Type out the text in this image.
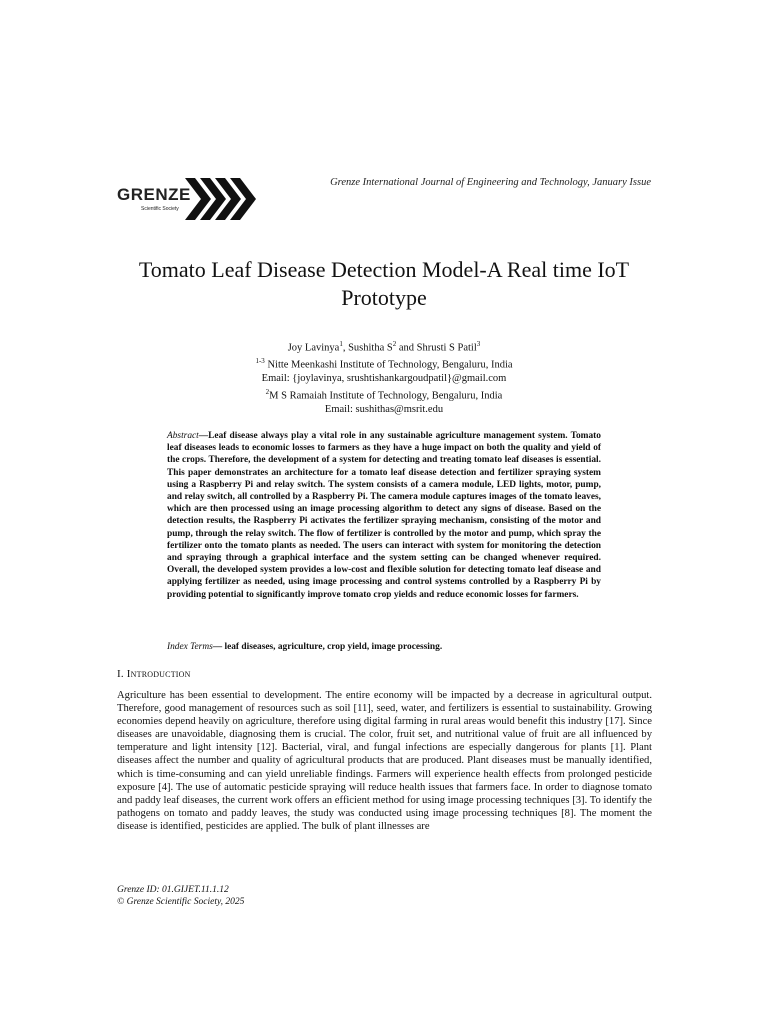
GRENZE
Scientific Society
Grenze International Journal of Engineering and Technology, January Issue
Tomato Leaf Disease Detection Model-A Real time IoT
Prototype
Joy Lavinya$^1$, Sushitha $S^2$ and Shrusti S Patil$^3$
$^{1-3}$ Nitte Meenkashi Institute of Technology, Bengaluru, India
Email: {joylavinya, srushtishankargoudpatil}@gmail.com
$^2$M S Ramaiah Institute of Technology, Bengaluru, India
Email: sushithas@msrit.edu
Abstract—Leaf disease always play a vital role in any sustainable agriculture management system. Tomato leaf diseases leads to economic losses to farmers as they have a huge impact on both the quality and yield of the crops. Therefore, the development of a system for detecting and treating tomato leaf diseases is essential. This paper demonstrates an architecture for a tomato leaf disease detection and fertilizer spraying system using a Raspberry Pi and relay switch. The system consists of a camera module, LED lights, motor, pump, and relay switch, all controlled by a Raspberry Pi. The camera module captures images of the tomato leaves, which are then processed using an image processing algorithm to detect any signs of disease. Based on the detection results, the Raspberry Pi activates the fertilizer spraying mechanism, consisting of the motor and pump, through the relay switch. The flow of fertilizer is controlled by the motor and pump, which spray the fertilizer onto the tomato plants as needed. The users can interact with system for monitoring the detection and spraying through a graphical interface and the system setting can be changed whenever required. Overall, the developed system provides a low-cost and flexible solution for detecting tomato leaf disease and applying fertilizer as needed, using image processing and control systems controlled by a Raspberry Pi by providing potential to significantly improve tomato crop yields and reduce economic losses for farmers.
Index Terms— leaf diseases, agriculture, crop yield, image processing.
I. Introduction
Agriculture has been essential to development. The entire economy will be impacted by a decrease in agricultural output. Therefore, good management of resources such as soil [11], seed, water, and fertilizers is essential to sustainability. Growing economies depend heavily on agriculture, therefore using digital farming in rural areas would benefit this industry [17]. Since diseases are unavoidable, diagnosing them is crucial. The color, fruit set, and nutritional value of fruit are all influenced by temperature and light intensity [12]. Bacterial, viral, and fungal infections are especially dangerous for plants [1]. Plant diseases affect the number and quality of agricultural products that are produced. Plant diseases must be manually identified, which is time-consuming and can yield unreliable findings. Farmers will experience health effects from prolonged pesticide exposure [4]. The use of automatic pesticide spraying will reduce health issues that farmers face. In order to diagnose tomato and paddy leaf diseases, the current work offers an efficient method for using image processing techniques [3]. To identify the pathogens on tomato and paddy leaves, the study was conducted using image processing techniques [8]. The moment the disease is identified, pesticides are applied. The bulk of plant illnesses are
Grenze ID: 01.GIJET.11.1.12
© Grenze Scientific Society, 2025
